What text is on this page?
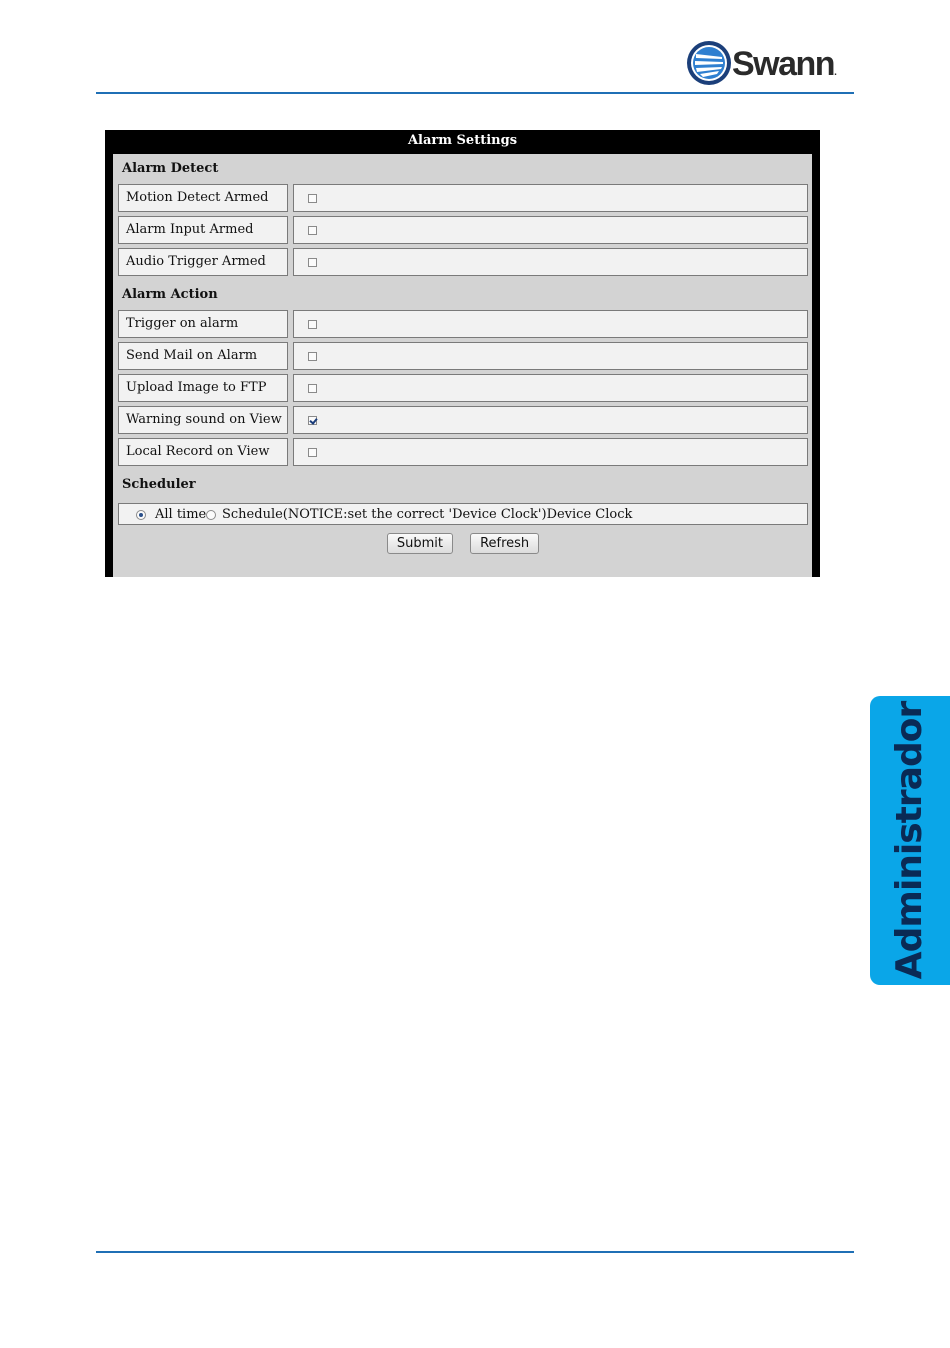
Swann.
Administrador
Alarm Settings
Alarm Detect
Motion Detect Armed
Alarm Input Armed
Audio Trigger Armed
Alarm Action
Trigger on alarm
Send Mail on Alarm
Upload Image to FTP
Warning sound on View
Local Record on View
Scheduler
All time Schedule(NOTICE:set the correct 'Device Clock')Device Clock
Submit	Refresh
